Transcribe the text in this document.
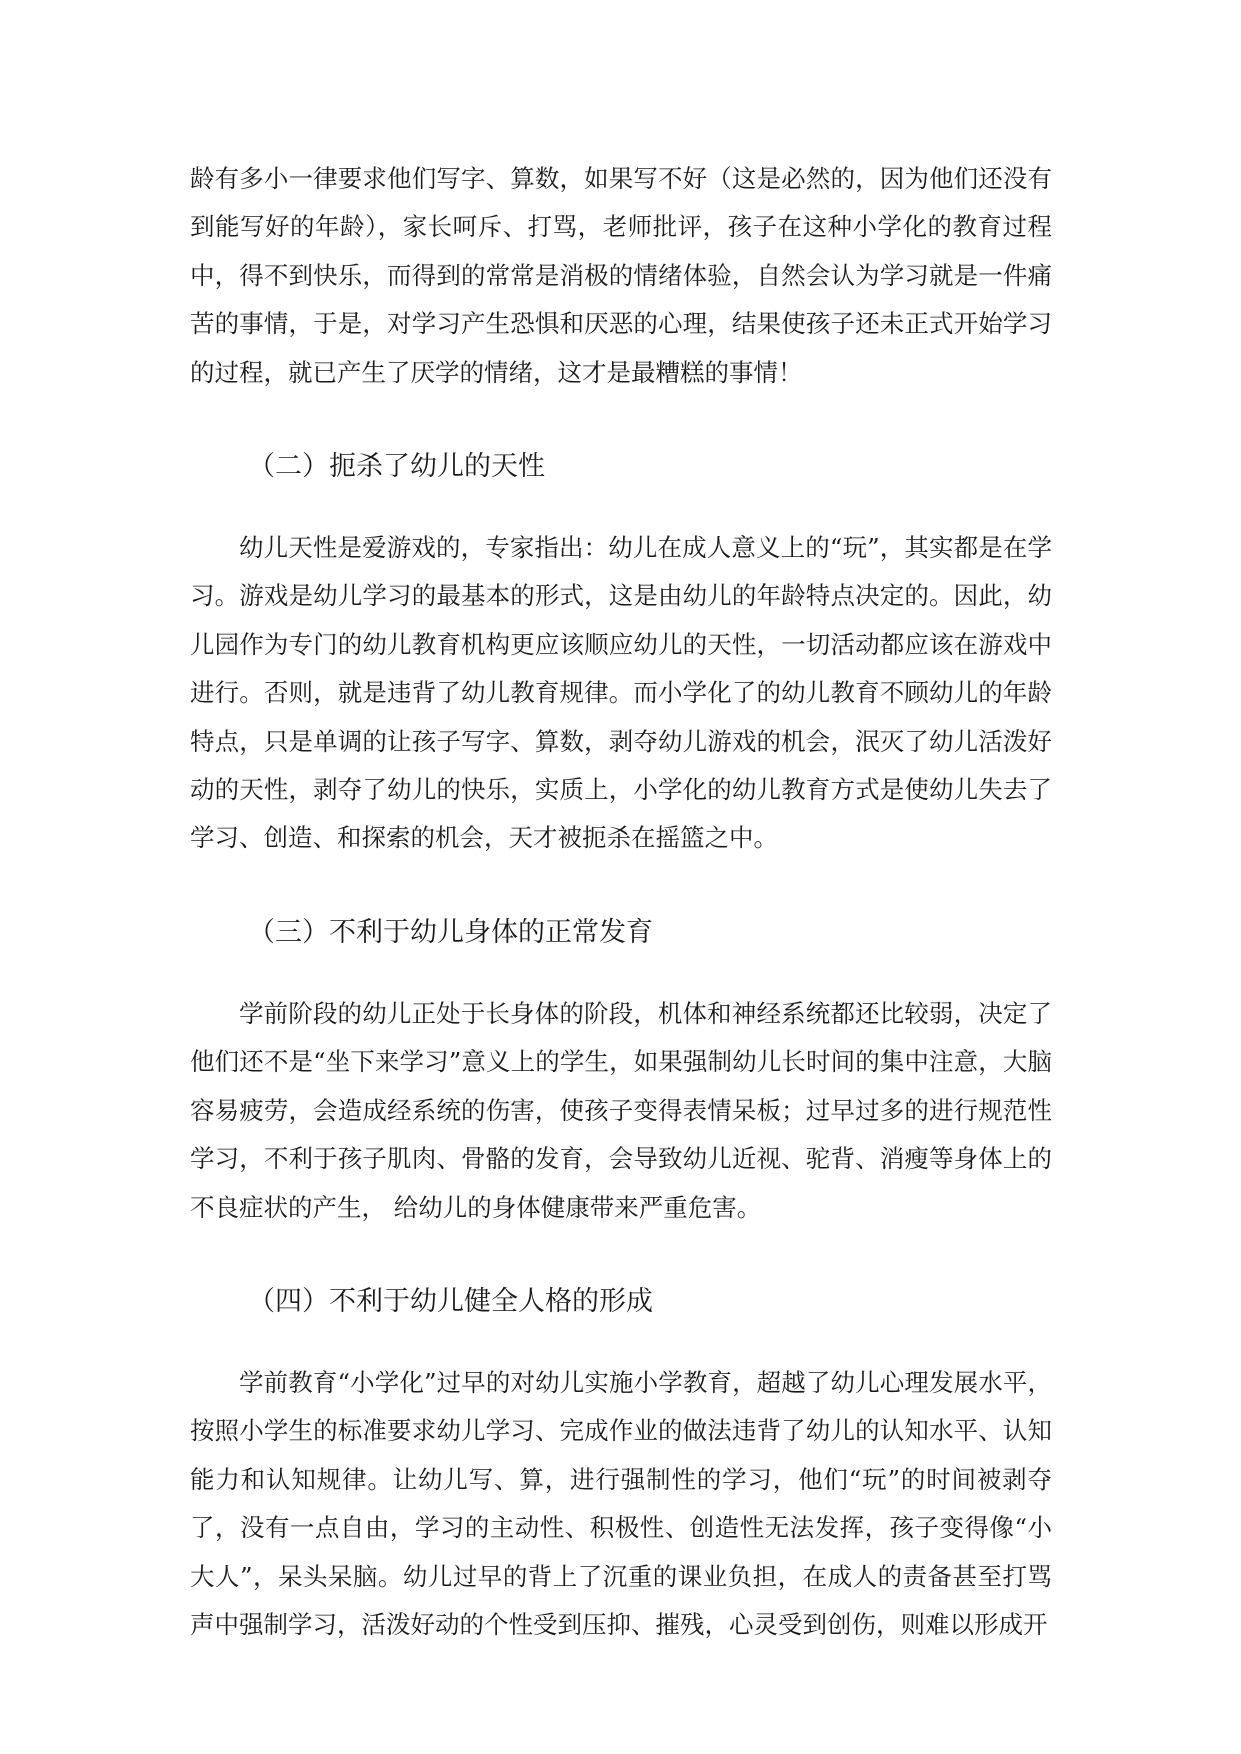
龄有多小一律要求他们写字、算数，如果写不好（这是必然的，因为他们还没有到能写好的年龄），家长呵斥、打骂，老师批评，孩子在这种小学化的教育过程中，得不到快乐，而得到的常常是消极的情绪体验，自然会认为学习就是一件痛苦的事情，于是，对学习产生恐惧和厌恶的心理，结果使孩子还未正式开始学习的过程，就已产生了厌学的情绪，这才是最糟糕的事情！

（二）扼杀了幼儿的天性

幼儿天性是爱游戏的，专家指出：幼儿在成人意义上的“玩”，其实都是在学习。游戏是幼儿学习的最基本的形式，这是由幼儿的年龄特点决定的。因此，幼儿园作为专门的幼儿教育机构更应该顺应幼儿的天性，一切活动都应该在游戏中进行。否则，就是违背了幼儿教育规律。而小学化了的幼儿教育不顾幼儿的年龄特点，只是单调的让孩子写字、算数，剥夺幼儿游戏的机会，泯灭了幼儿活泼好动的天性，剥夺了幼儿的快乐，实质上，小学化的幼儿教育方式是使幼儿失去了学习、创造、和探索的机会，天才被扼杀在摇篮之中。

（三）不利于幼儿身体的正常发育

学前阶段的幼儿正处于长身体的阶段，机体和神经系统都还比较弱，决定了他们还不是“坐下来学习”意义上的学生，如果强制幼儿长时间的集中注意，大脑容易疲劳，会造成经系统的伤害，使孩子变得表情呆板；过早过多的进行规范性学习，不利于孩子肌肉、骨骼的发育，会导致幼儿近视、驼背、消瘦等身体上的不良症状的产生， 给幼儿的身体健康带来严重危害。

（四）不利于幼儿健全人格的形成

学前教育“小学化”过早的对幼儿实施小学教育，超越了幼儿心理发展水平，按照小学生的标准要求幼儿学习、完成作业的做法违背了幼儿的认知水平、认知能力和认知规律。让幼儿写、算，进行强制性的学习，他们“玩”的时间被剥夺了，没有一点自由，学习的主动性、积极性、创造性无法发挥，孩子变得像“小大人”，呆头呆脑。幼儿过早的背上了沉重的课业负担，在成人的责备甚至打骂声中强制学习，活泼好动的个性受到压抑、摧残，心灵受到创伤，则难以形成开
